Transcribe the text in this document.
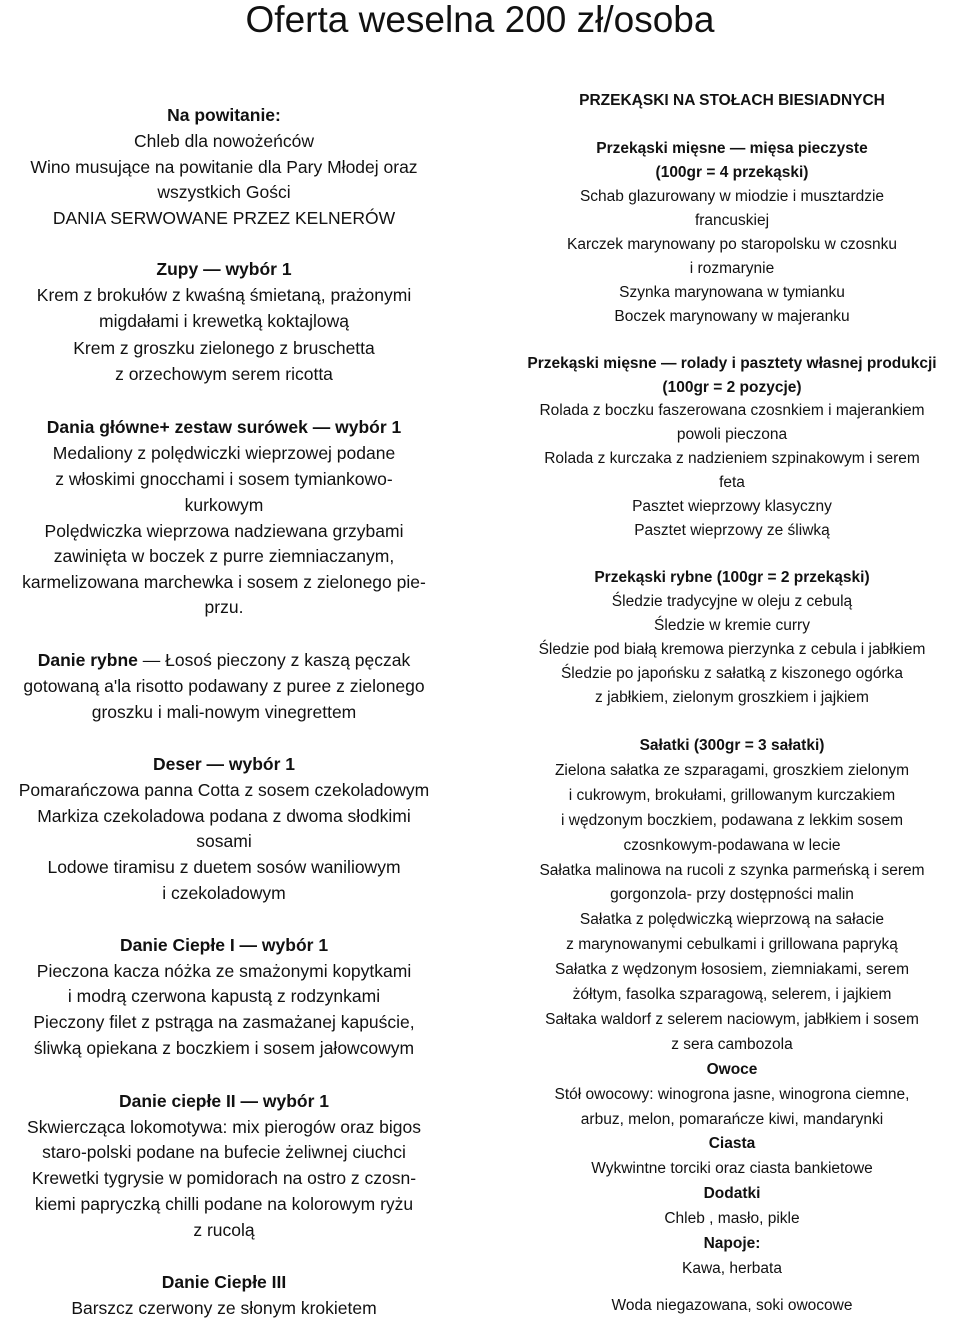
Oferta weselna 200 zł/osoba
Na powitanie:
Chleb dla nowożeńców
Wino musujące na powitanie dla Pary Młodej oraz
wszystkich Gości
DANIA SERWOWANE PRZEZ KELNERÓW
Zupy — wybór 1
Krem z brokułów z kwaśną śmietaną, prażonymi
migdałami i krewetką koktajlową
Krem z groszku zielonego z bruschetta
z orzechowym serem ricotta
Dania główne+ zestaw surówek — wybór 1
Medaliony z polędwiczki wieprzowej podane
z włoskimi gnocchami i sosem tymiankowo-
kurkowym
Polędwiczka wieprzowa nadziewana grzybami
zawinięta w boczek z purre ziemniaczanym,
karmelizowana marchewka i sosem z zielonego pie-
przu.
Danie rybne — Łosoś pieczony z kaszą pęczak
gotowaną a'la risotto podawany z puree z zielonego
groszku i mali-nowym vinegrettem
Deser — wybór 1
Pomarańczowa panna Cotta z sosem czekoladowym
Markiza czekoladowa podana z dwoma słodkimi
sosami
Lodowe tiramisu z duetem sosów waniliowym
i czekoladowym
Danie Ciepłe I — wybór 1
Pieczona kacza nóżka ze smażonymi kopytkami
i modrą czerwona kapustą z rodzynkami
Pieczony filet z pstrąga na zasmażanej kapuście,
śliwką opiekana z boczkiem i sosem jałowcowym
Danie ciepłe II — wybór 1
Skwiercząca lokomotywa: mix pierogów oraz bigos
staro-polski podane na bufecie żeliwnej ciuchci
Krewetki tygrysie w pomidorach na ostro z czosn-
kiemi papryczką chilli podane na kolorowym ryżu
z rucolą
Danie Ciepłe III
Barszcz czerwony ze słonym krokietem
PRZEKĄSKI NA STOŁACH BIESIADNYCH
Przekąski mięsne — mięsa pieczyste
(100gr = 4 przekąski)
Schab glazurowany w miodzie i musztardzie
francuskiej
Karczek marynowany po staropolsku w czosnku
i rozmarynie
Szynka marynowana w tymianku
Boczek marynowany w majeranku
Przekąski mięsne — rolady i pasztety własnej produkcji
(100gr = 2 pozycje)
Rolada z boczku faszerowana czosnkiem i majerankiem
powoli pieczona
Rolada z kurczaka z nadzieniem szpinakowym i serem
feta
Pasztet wieprzowy klasyczny
Pasztet wieprzowy ze śliwką
Przekąski rybne (100gr = 2 przekąski)
Śledzie tradycyjne w oleju z cebulą
Śledzie w kremie curry
Śledzie pod białą kremowa pierzynka z cebula i jabłkiem
Śledzie po japońsku z sałatką z kiszonego ogórka
z jabłkiem, zielonym groszkiem i jajkiem
Sałatki (300gr = 3 sałatki)
Zielona sałatka ze szparagami, groszkiem zielonym
i cukrowym, brokułami, grillowanym kurczakiem
i wędzonym boczkiem, podawana z lekkim sosem
czosnkowym-podawana w lecie
Sałatka malinowa na rucoli z szynka parmeńską i serem
gorgonzola- przy dostępności malin
Sałatka z polędwiczką wieprzową na sałacie
z marynowanymi cebulkami i grillowana papryką
Sałatka z wędzonym łososiem, ziemniakami, serem
żółtym, fasolka szparagową, selerem, i jajkiem
Sałtaka waldorf z selerem naciowym, jabłkiem i sosem
z sera cambozola
Owoce
Stół owocowy: winogrona jasne, winogrona ciemne,
arbuz, melon, pomarańcze kiwi, mandarynki
Ciasta
Wykwintne torciki oraz ciasta bankietowe
Dodatki
Chleb , masło, pikle
Napoje:
Kawa, herbata
Woda niegazowana, soki owocowe
